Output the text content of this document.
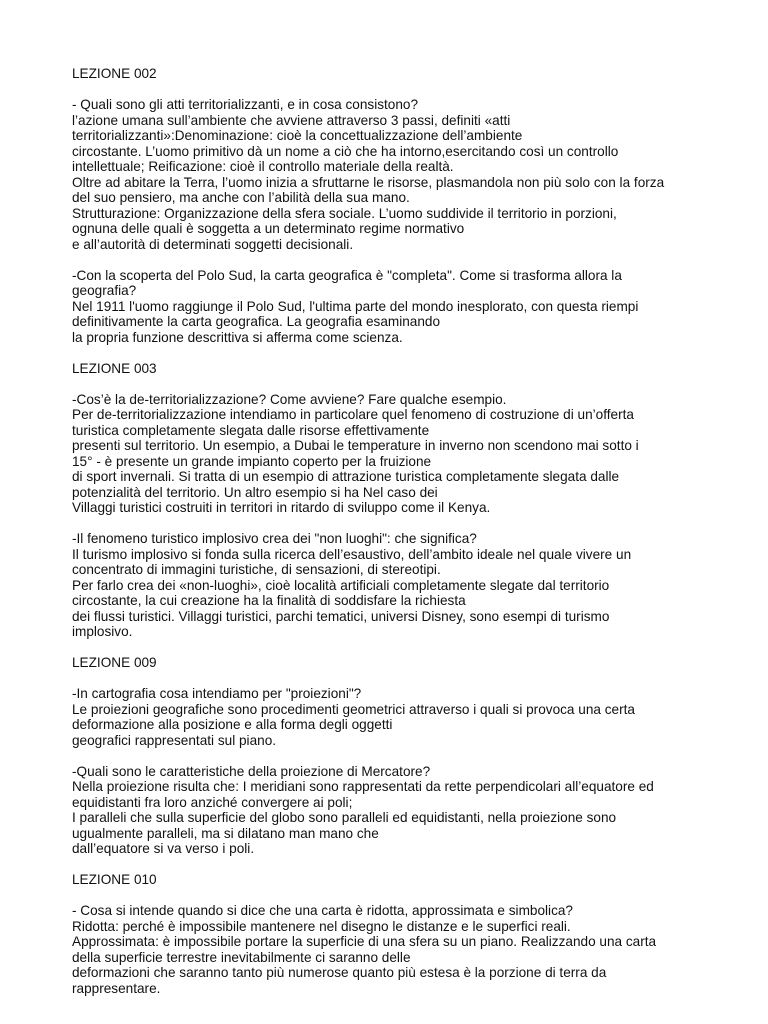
LEZIONE 002
- Quali sono gli atti territorializzanti, e in cosa consistono?
l’azione umana sull’ambiente che avviene attraverso 3 passi, definiti «atti
territorializzanti»:Denominazione: cioè la concettualizzazione dell’ambiente
circostante. L’uomo primitivo dà un nome a ciò che ha intorno,esercitando così un controllo
intellettuale; Reificazione: cioè il controllo materiale della realtà.
Oltre ad abitare la Terra, l’uomo inizia a sfruttarne le risorse, plasmandola non più solo con la forza
del suo pensiero, ma anche con l’abilità della sua mano.
Strutturazione: Organizzazione della sfera sociale. L’uomo suddivide il territorio in porzioni,
ognuna delle quali è soggetta a un determinato regime normativo
e all’autorità di determinati soggetti decisionali.
-Con la scoperta del Polo Sud, la carta geografica è "completa". Come si trasforma allora la
geografia?
Nel 1911 l'uomo raggiunge il Polo Sud, l'ultima parte del mondo inesplorato, con questa riempi
definitivamente la carta geografica. La geografia esaminando
la propria funzione descrittiva si afferma come scienza.
LEZIONE 003
-Cos’è la de-territorializzazione? Come avviene? Fare qualche esempio.
Per de-territorializzazione intendiamo in particolare quel fenomeno di costruzione di un’offerta
turistica completamente slegata dalle risorse effettivamente
presenti sul territorio. Un esempio, a Dubai le temperature in inverno non scendono mai sotto i
15° - è presente un grande impianto coperto per la fruizione
di sport invernali. Si tratta di un esempio di attrazione turistica completamente slegata dalle
potenzialità del territorio. Un altro esempio si ha Nel caso dei
Villaggi turistici costruiti in territori in ritardo di sviluppo come il Kenya.
-Il fenomeno turistico implosivo crea dei "non luoghi": che significa?
Il turismo implosivo si fonda sulla ricerca dell’esaustivo, dell’ambito ideale nel quale vivere un
concentrato di immagini turistiche, di sensazioni, di stereotipi.
Per farlo crea dei «non-luoghi», cioè località artificiali completamente slegate dal territorio
circostante, la cui creazione ha la finalità di soddisfare la richiesta
dei flussi turistici. Villaggi turistici, parchi tematici, universi Disney, sono esempi di turismo
implosivo.
LEZIONE 009
-In cartografia cosa intendiamo per "proiezioni"?
Le proiezioni geografiche sono procedimenti geometrici attraverso i quali si provoca una certa
deformazione alla posizione e alla forma degli oggetti
geografici rappresentati sul piano.
-Quali sono le caratteristiche della proiezione di Mercatore?
Nella proiezione risulta che: I meridiani sono rappresentati da rette perpendicolari all’equatore ed
equidistanti fra loro anziché convergere ai poli;
I paralleli che sulla superficie del globo sono paralleli ed equidistanti, nella proiezione sono
ugualmente paralleli, ma si dilatano man mano che
dall’equatore si va verso i poli.
LEZIONE 010
- Cosa si intende quando si dice che una carta è ridotta, approssimata e simbolica?
Ridotta: perché è impossibile mantenere nel disegno le distanze e le superfici reali.
Approssimata: è impossibile portare la superficie di una sfera su un piano. Realizzando una carta
della superficie terrestre inevitabilmente ci saranno delle
deformazioni che saranno tanto più numerose quanto più estesa è la porzione di terra da
rappresentare.
